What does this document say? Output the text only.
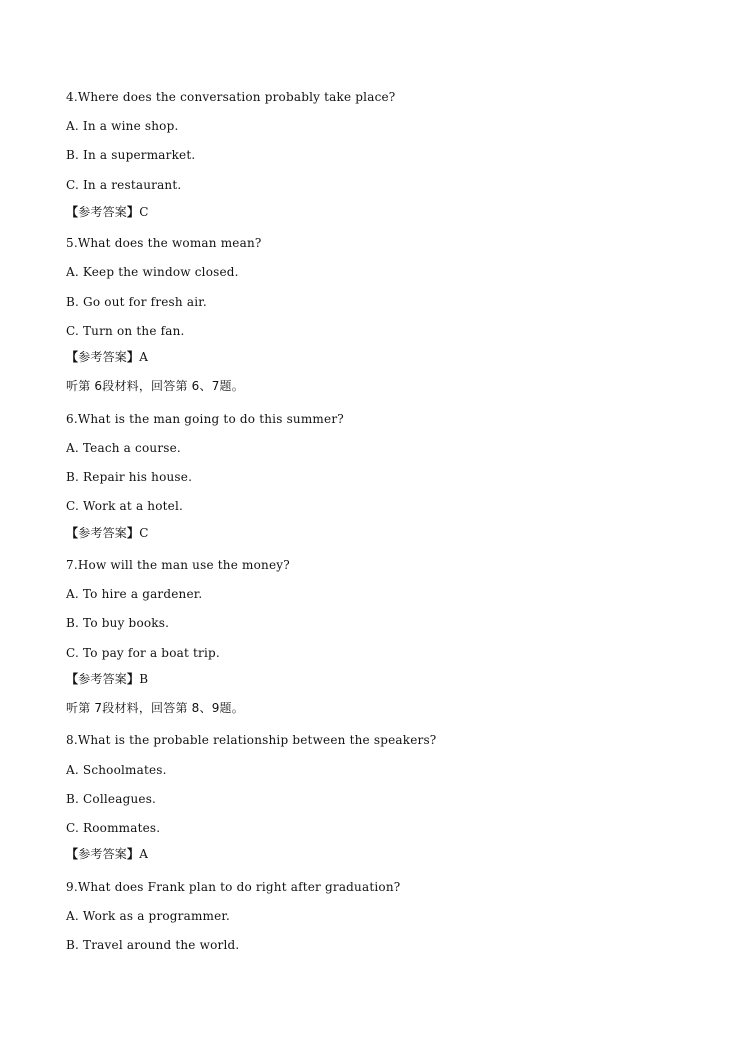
4.Where does the conversation probably take place?
A. In a wine shop.
B. In a supermarket.
C. In a restaurant.
【参考答案】C
5.What does the woman mean?
A. Keep the window closed.
B. Go out for fresh air.
C. Turn on the fan.
【参考答案】A
听第 6段材料，回答第 6、7题。
6.What is the man going to do this summer?
A. Teach a course.
B. Repair his house.
C. Work at a hotel.
【参考答案】C
7.How will the man use the money?
A. To hire a gardener.
B. To buy books.
C. To pay for a boat trip.
【参考答案】B
听第 7段材料，回答第 8、9题。
8.What is the probable relationship between the speakers?
A. Schoolmates.
B. Colleagues.
C. Roommates.
【参考答案】A
9.What does Frank plan to do right after graduation?
A. Work as a programmer.
B. Travel around the world.
